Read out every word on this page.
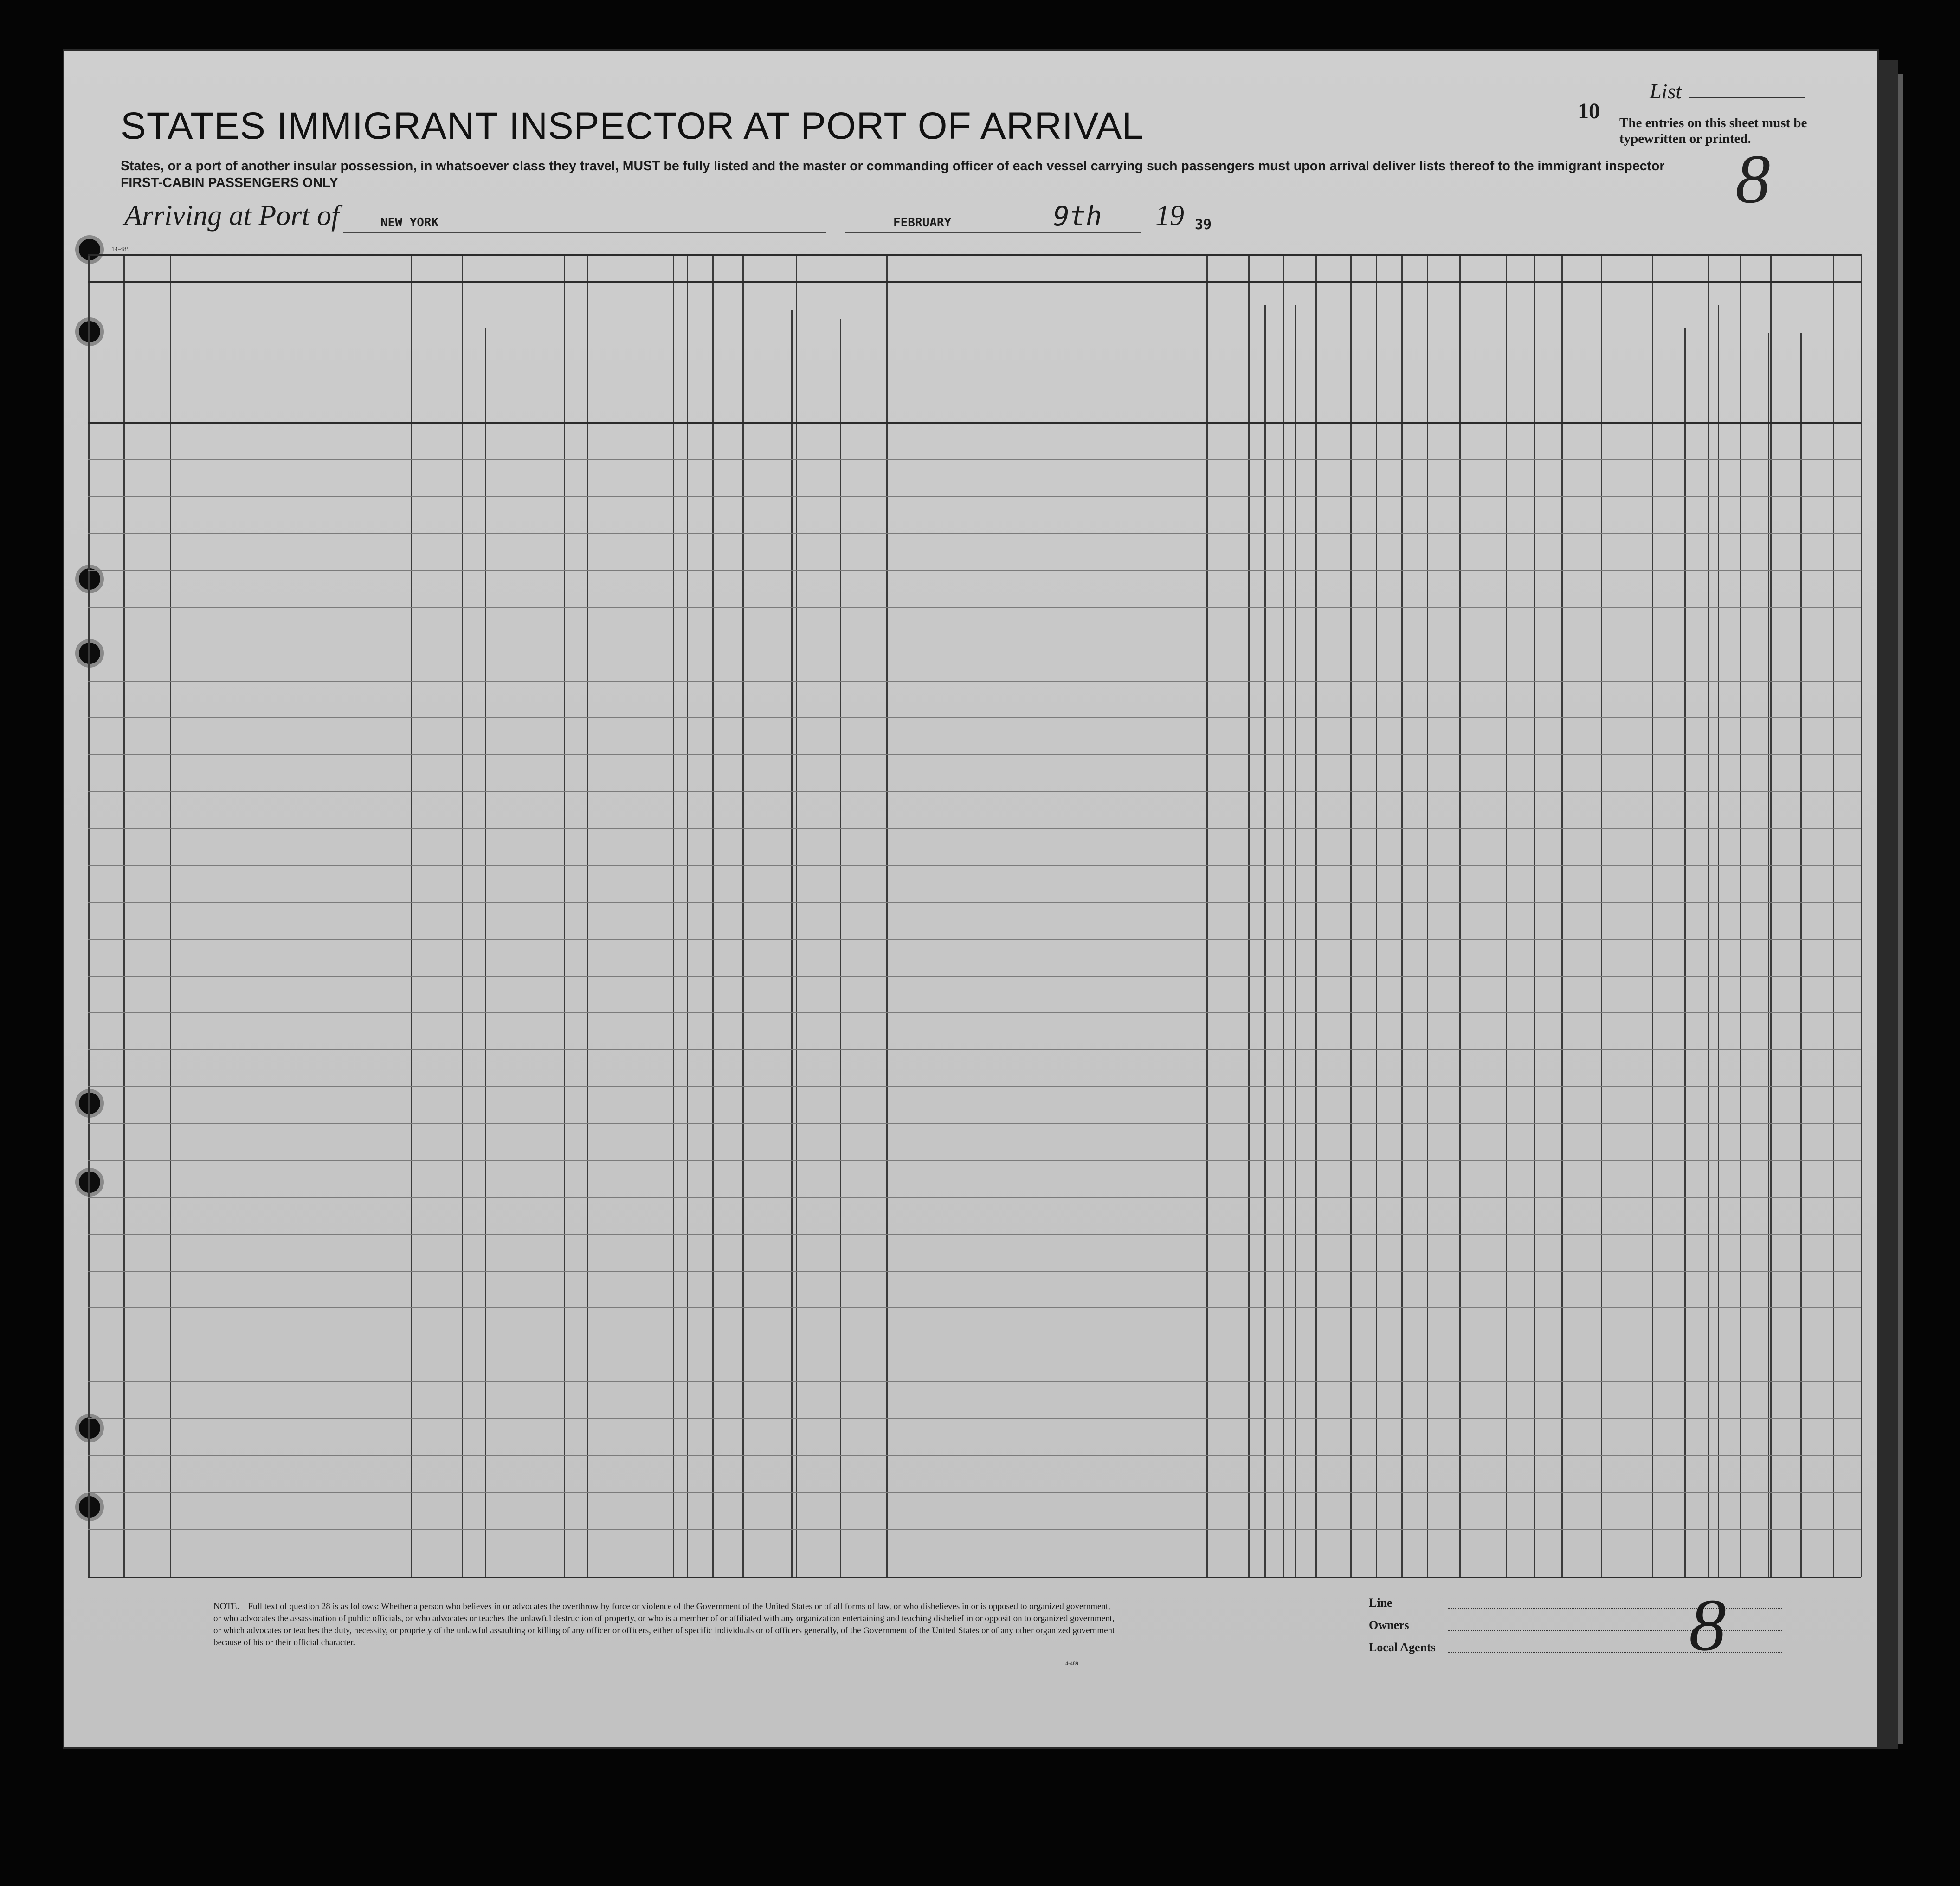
STATES IMMIGRANT INSPECTOR AT PORT OF ARRIVAL
List
10 The entries on this sheet must be typewritten or printed.
8
States, or a port of another insular possession, in whatsoever class they travel, MUST be fully listed and the master or commanding officer of each vessel carrying such passengers must upon arrival deliver lists thereof to the immigrant inspector
FIRST-CABIN PASSENGERS ONLY
Arriving at Port of	NEW YORK	FEBRUARY	9th 19 39
14-489
NOTE.—Full text of question 28 is as follows: Whether a person who believes in or advocates the overthrow by force or violence of the Government of the United States or of all forms of law, or who disbelieves in or is opposed to organized government, or who advocates the assassination of public officials, or who advocates or teaches the unlawful destruction of property, or who is a member of or affiliated with any organization entertaining and teaching disbelief in or opposition to organized government, or which advocates or teaches the duty, necessity, or propriety of the unlawful assaulting or killing of any officer or officers, either of specific individuals or of officers generally, of the Government of the United States or of any other organized government because of his or their official character.
14-489
Line
Owners
Local Agents	8
